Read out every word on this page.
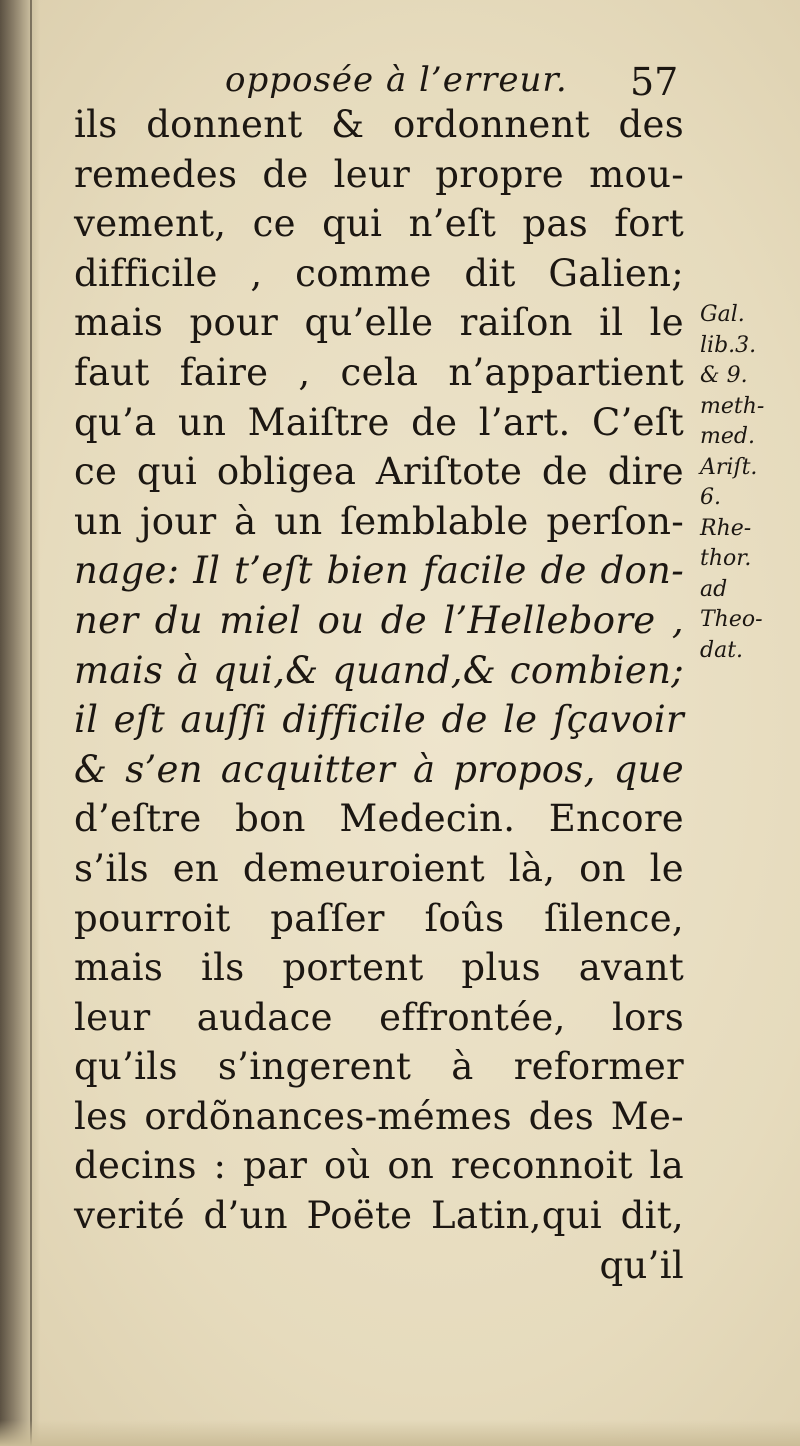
opposée à l’erreur. 57
ils donnent & ordonnent des
remedes de leur propre mou-
vement, ce qui n’eſt pas fort
difficile , comme dit Galien;
mais pour qu’elle raiſon il le
faut faire , cela n’appartient
qu’a un Maiſtre de l’art. C’eſt
ce qui obligea Ariſtote de dire
un jour à un ſemblable perſon-
nage: Il t’eſt bien facile de don-
ner du miel ou de l’Hellebore ,
mais à qui,& quand,& combien;
il eſt auſſi difficile de le ſçavoir
& s’en acquitter à propos, que
d’eſtre bon Medecin. Encore
s’ils en demeuroient là, on le
pourroit paſſer ſoûs ſilence,
mais ils portent plus avant
leur audace effrontée, lors
qu’ils s’ingerent à reformer
les ordõnances-mémes des Me-
decins : par où on reconnoit la
verité d’un Poëte Latin,qui dit,
qu’il
Gal.
lib.3.
& 9.
meth-
med.
Ariſt.
6.
Rhe-
thor.
ad
Theo-
dat.
